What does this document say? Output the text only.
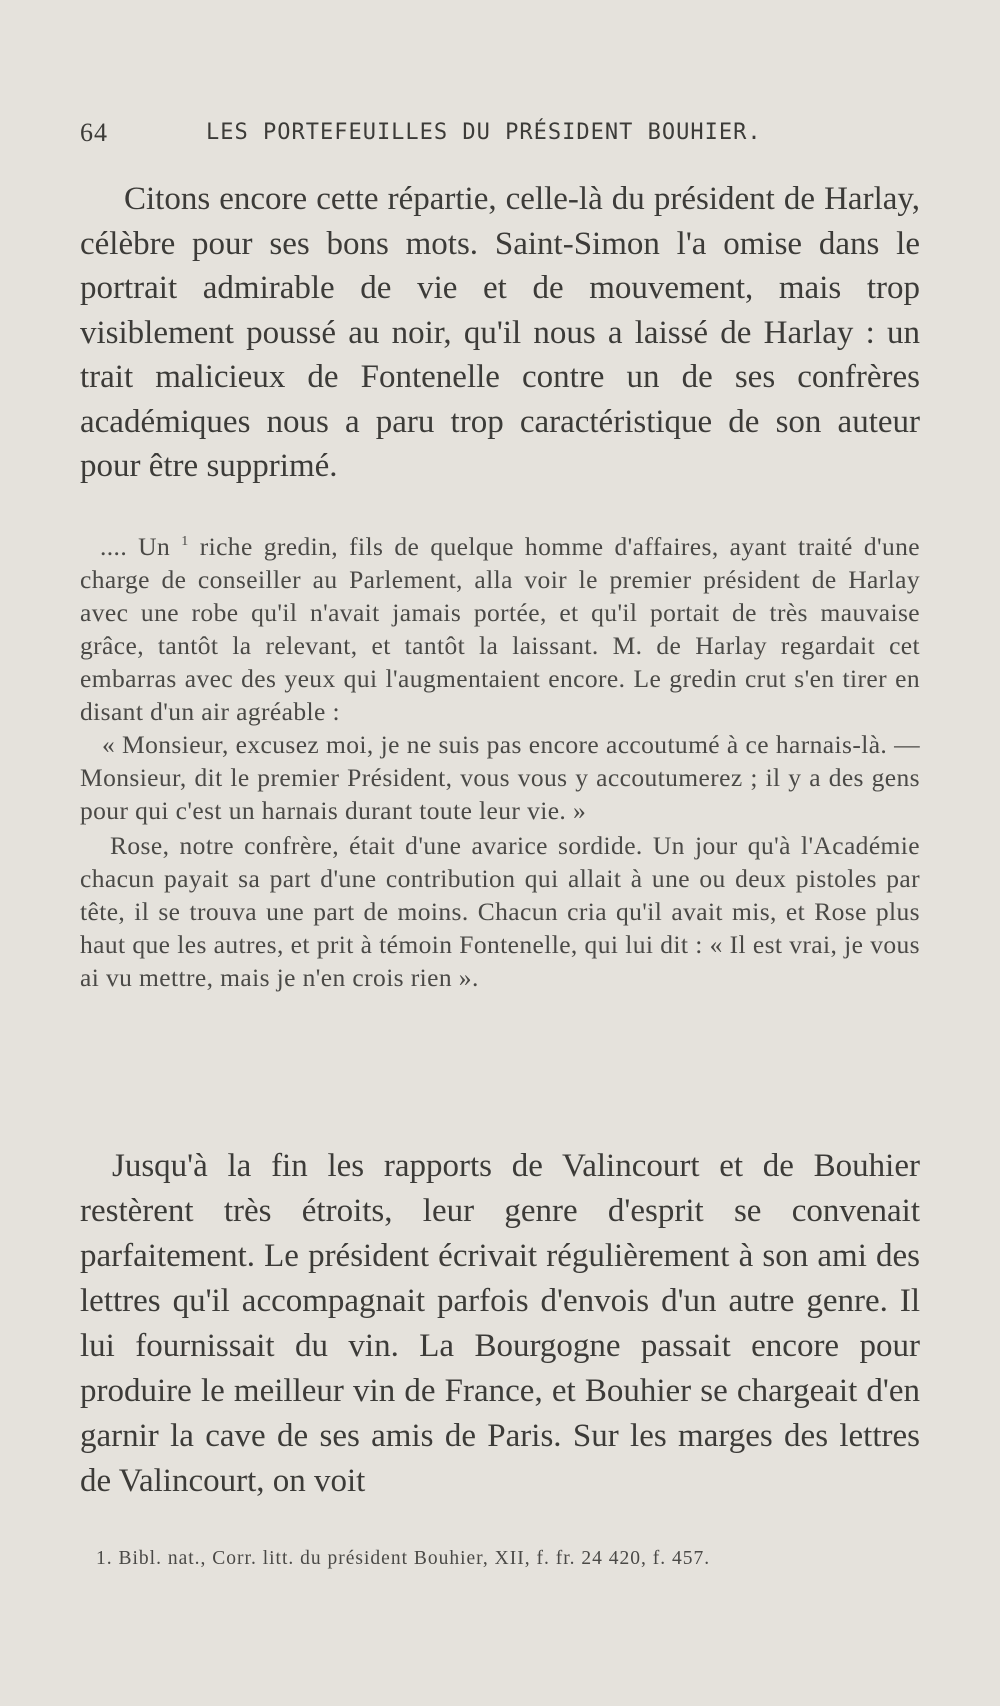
64	LES PORTEFEUILLES DU PRÉSIDENT BOUHIER.

Citons encore cette répartie, celle-là du président de Harlay, célèbre pour ses bons mots. Saint-Simon l'a omise dans le portrait admirable de vie et de mouvement, mais trop visiblement poussé au noir, qu'il nous a laissé de Harlay : un trait malicieux de Fontenelle contre un de ses confrères académiques nous a paru trop caractéristique de son auteur pour être supprimé.

.... Un $^1$ riche gredin, fils de quelque homme d'affaires, ayant traité d'une charge de conseiller au Parlement, alla voir le premier président de Harlay avec une robe qu'il n'avait jamais portée, et qu'il portait de très mauvaise grâce, tantôt la relevant, et tantôt la laissant. M. de Harlay regardait cet embarras avec des yeux qui l'augmentaient encore. Le gredin crut s'en tirer en disant d'un air agréable :

« Monsieur, excusez moi, je ne suis pas encore accoutumé à ce harnais-là. — Monsieur, dit le premier Président, vous vous y accoutumerez ; il y a des gens pour qui c'est un harnais durant toute leur vie. »

Rose, notre confrère, était d'une avarice sordide. Un jour qu'à l'Académie chacun payait sa part d'une contribution qui allait à une ou deux pistoles par tête, il se trouva une part de moins. Chacun cria qu'il avait mis, et Rose plus haut que les autres, et prit à témoin Fontenelle, qui lui dit : « Il est vrai, je vous ai vu mettre, mais je n'en crois rien ».

Jusqu'à la fin les rapports de Valincourt et de Bouhier restèrent très étroits, leur genre d'esprit se convenait parfaitement. Le président écrivait régulièrement à son ami des lettres qu'il accompagnait parfois d'envois d'un autre genre. Il lui fournissait du vin. La Bourgogne passait encore pour produire le meilleur vin de France, et Bouhier se chargeait d'en garnir la cave de ses amis de Paris. Sur les marges des lettres de Valincourt, on voit

1. Bibl. nat., Corr. litt. du président Bouhier, XII, f. fr. 24 420, f. 457.
